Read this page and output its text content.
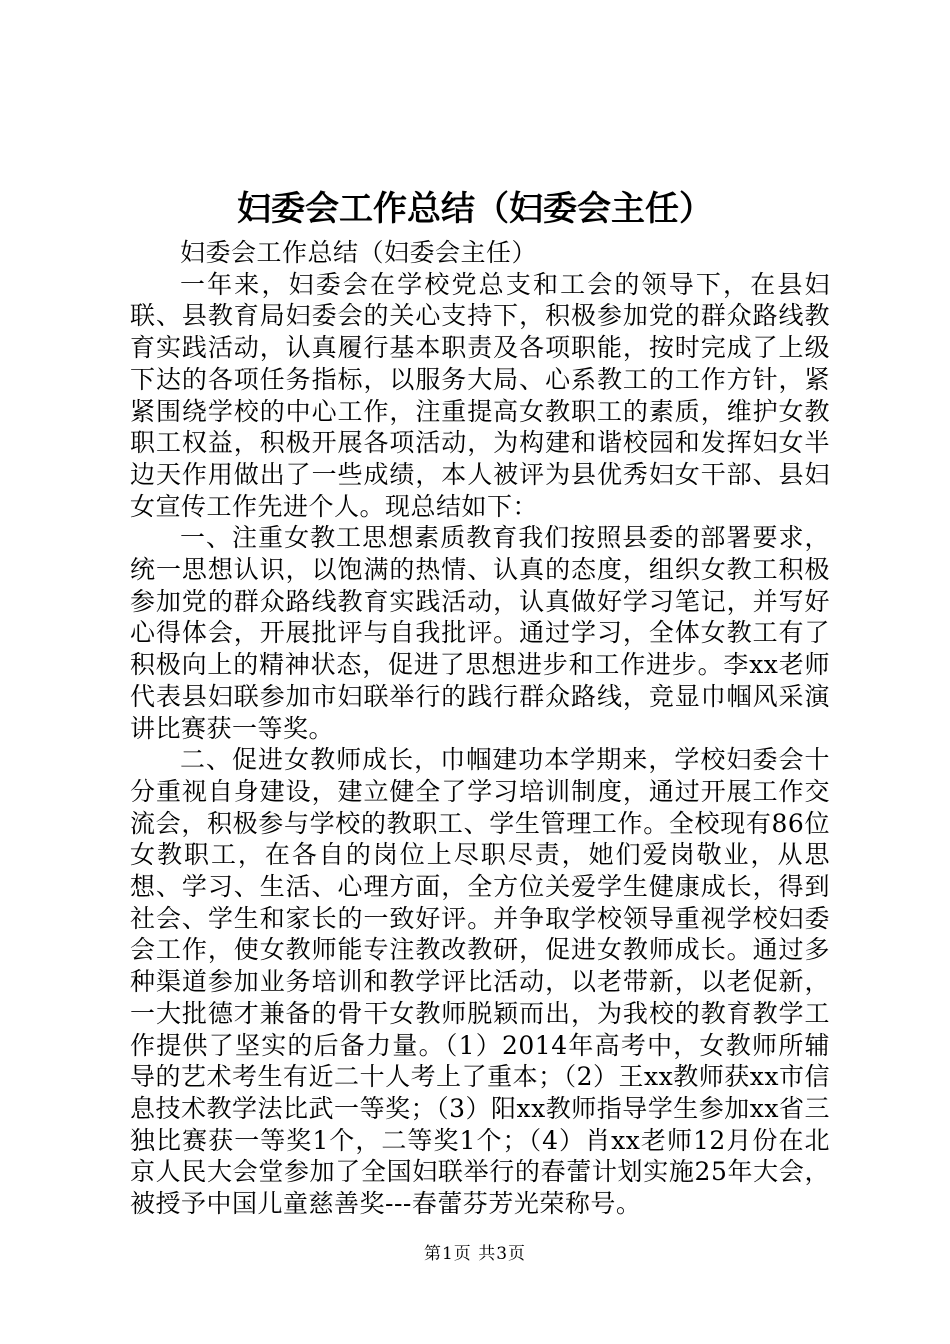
妇委会工作总结（妇委会主任）

妇委会工作总结（妇委会主任）

一年来，妇委会在学校党总支和工会的领导下，在县妇联、县教育局妇委会的关心支持下，积极参加党的群众路线教育实践活动，认真履行基本职责及各项职能，按时完成了上级下达的各项任务指标，以服务大局、心系教工的工作方针，紧紧围绕学校的中心工作，注重提高女教职工的素质，维护女教职工权益，积极开展各项活动，为构建和谐校园和发挥妇女半边天作用做出了一些成绩，本人被评为县优秀妇女干部、县妇女宣传工作先进个人。现总结如下：

一、注重女教工思想素质教育我们按照县委的部署要求，统一思想认识，以饱满的热情、认真的态度，组织女教工积极参加党的群众路线教育实践活动，认真做好学习笔记，并写好心得体会，开展批评与自我批评。通过学习，全体女教工有了积极向上的精神状态，促进了思想进步和工作进步。李xx老师代表县妇联参加市妇联举行的践行群众路线，竞显巾帼风采演讲比赛获一等奖。

二、促进女教师成长，巾帼建功本学期来，学校妇委会十分重视自身建设，建立健全了学习培训制度，通过开展工作交流会，积极参与学校的教职工、学生管理工作。全校现有86位女教职工，在各自的岗位上尽职尽责，她们爱岗敬业，从思想、学习、生活、心理方面，全方位关爱学生健康成长，得到社会、学生和家长的一致好评。并争取学校领导重视学校妇委会工作，使女教师能专注教改教研，促进女教师成长。通过多种渠道参加业务培训和教学评比活动，以老带新，以老促新，一大批德才兼备的骨干女教师脱颖而出，为我校的教育教学工作提供了坚实的后备力量。（1）2014年高考中，女教师所辅导的艺术考生有近二十人考上了重本；（2）王xx教师获xx市信息技术教学法比武一等奖；（3）阳xx教师指导学生参加xx省三独比赛获一等奖1个，二等奖1个；（4）肖xx老师12月份在北京人民大会堂参加了全国妇联举行的春蕾计划实施25年大会，被授予中国儿童慈善奖---春蕾芬芳光荣称号。

第1页 共3页
